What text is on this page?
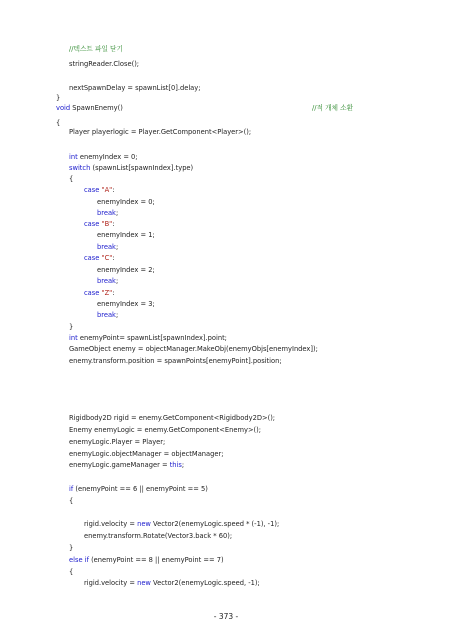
//텍스트 파일 닫기
stringReader.Close();
nextSpawnDelay = spawnList[0].delay;
}
void SpawnEnemy()
{
Player playerlogic = Player.GetComponent<Player>();
int enemyIndex = 0;
switch (spawnList[spawnIndex].type)
{
case "A":
enemyIndex = 0;
break;
case "B":
enemyIndex = 1;
break;
case "C":
enemyIndex = 2;
break;
case "Z":
enemyIndex = 3;
break;
}
int enemyPoint= spawnList[spawnIndex].point;
GameObject enemy = objectManager.MakeObj(enemyObjs[enemyIndex]);
enemy.transform.position = spawnPoints[enemyPoint].position;
Rigidbody2D rigid = enemy.GetComponent<Rigidbody2D>();
Enemy enemyLogic = enemy.GetComponent<Enemy>();
enemyLogic.Player = Player;
enemyLogic.objectManager = objectManager;
enemyLogic.gameManager = this;
if (enemyPoint == 6 || enemyPoint == 5)
{
rigid.velocity = new Vector2(enemyLogic.speed * (-1), -1);
enemy.transform.Rotate(Vector3.back * 60);
}
else if (enemyPoint == 8 || enemyPoint == 7)
{
rigid.velocity = new Vector2(enemyLogic.speed, -1);
//적 개체 소환
- 373 -
